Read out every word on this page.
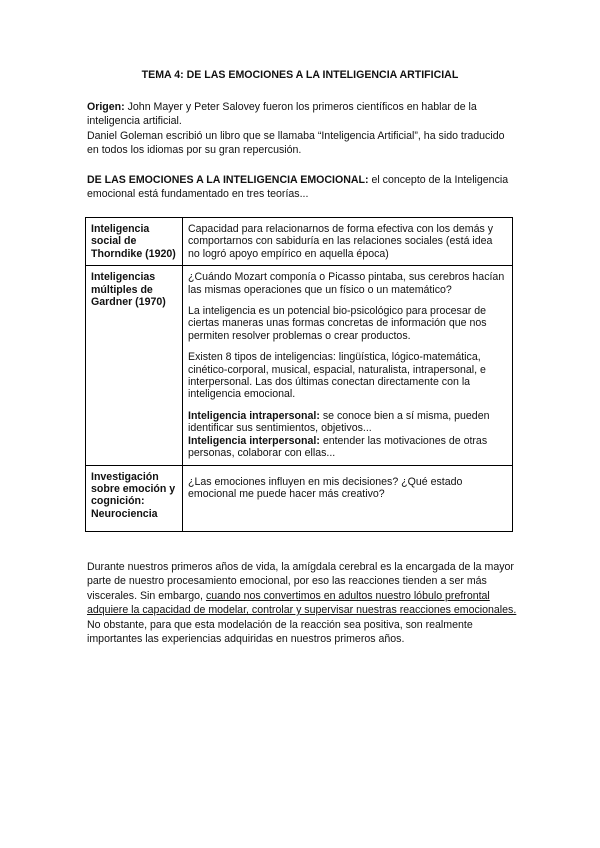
TEMA 4: DE LAS EMOCIONES A LA INTELIGENCIA ARTIFICIAL

Origen: John Mayer y Peter Salovey fueron los primeros científicos en hablar de la inteligencia artificial.

Daniel Goleman escribió un libro que se llamaba “Inteligencia Artificial”, ha sido traducido en todos los idiomas por su gran repercusión.

DE LAS EMOCIONES A LA INTELIGENCIA EMOCIONAL: el concepto de la Inteligencia emocional está fundamentado en tres teorías...

Inteligencia social de Thorndike (1920)	Capacidad para relacionarnos de forma efectiva con los demás y comportarnos con sabiduría en las relaciones sociales (está idea no logró apoyo empírico en aquella época)

Inteligencias múltiples de Gardner (1970)	¿Cuándo Mozart componía o Picasso pintaba, sus cerebros hacían las mismas operaciones que un físico o un matemático?

La inteligencia es un potencial bio-psicológico para procesar de ciertas maneras unas formas concretas de información que nos permiten resolver problemas o crear productos.

Existen 8 tipos de inteligencias: lingüística, lógico-matemática, cinético-corporal, musical, espacial, naturalista, intrapersonal, e interpersonal. Las dos últimas conectan directamente con la inteligencia emocional.

Inteligencia intrapersonal: se conoce bien a sí misma, pueden identificar sus sentimientos, objetivos...
Inteligencia interpersonal: entender las motivaciones de otras personas, colaborar con ellas...

Investigación sobre emoción y cognición: Neurociencia	¿Las emociones influyen en mis decisiones? ¿Qué estado emocional me puede hacer más creativo?

Durante nuestros primeros años de vida, la amígdala cerebral es la encargada de la mayor parte de nuestro procesamiento emocional, por eso las reacciones tienden a ser más viscerales. Sin embargo, cuando nos convertimos en adultos nuestro lóbulo prefrontal adquiere la capacidad de modelar, controlar y supervisar nuestras reacciones emocionales. No obstante, para que esta modelación de la reacción sea positiva, son realmente importantes las experiencias adquiridas en nuestros primeros años.
